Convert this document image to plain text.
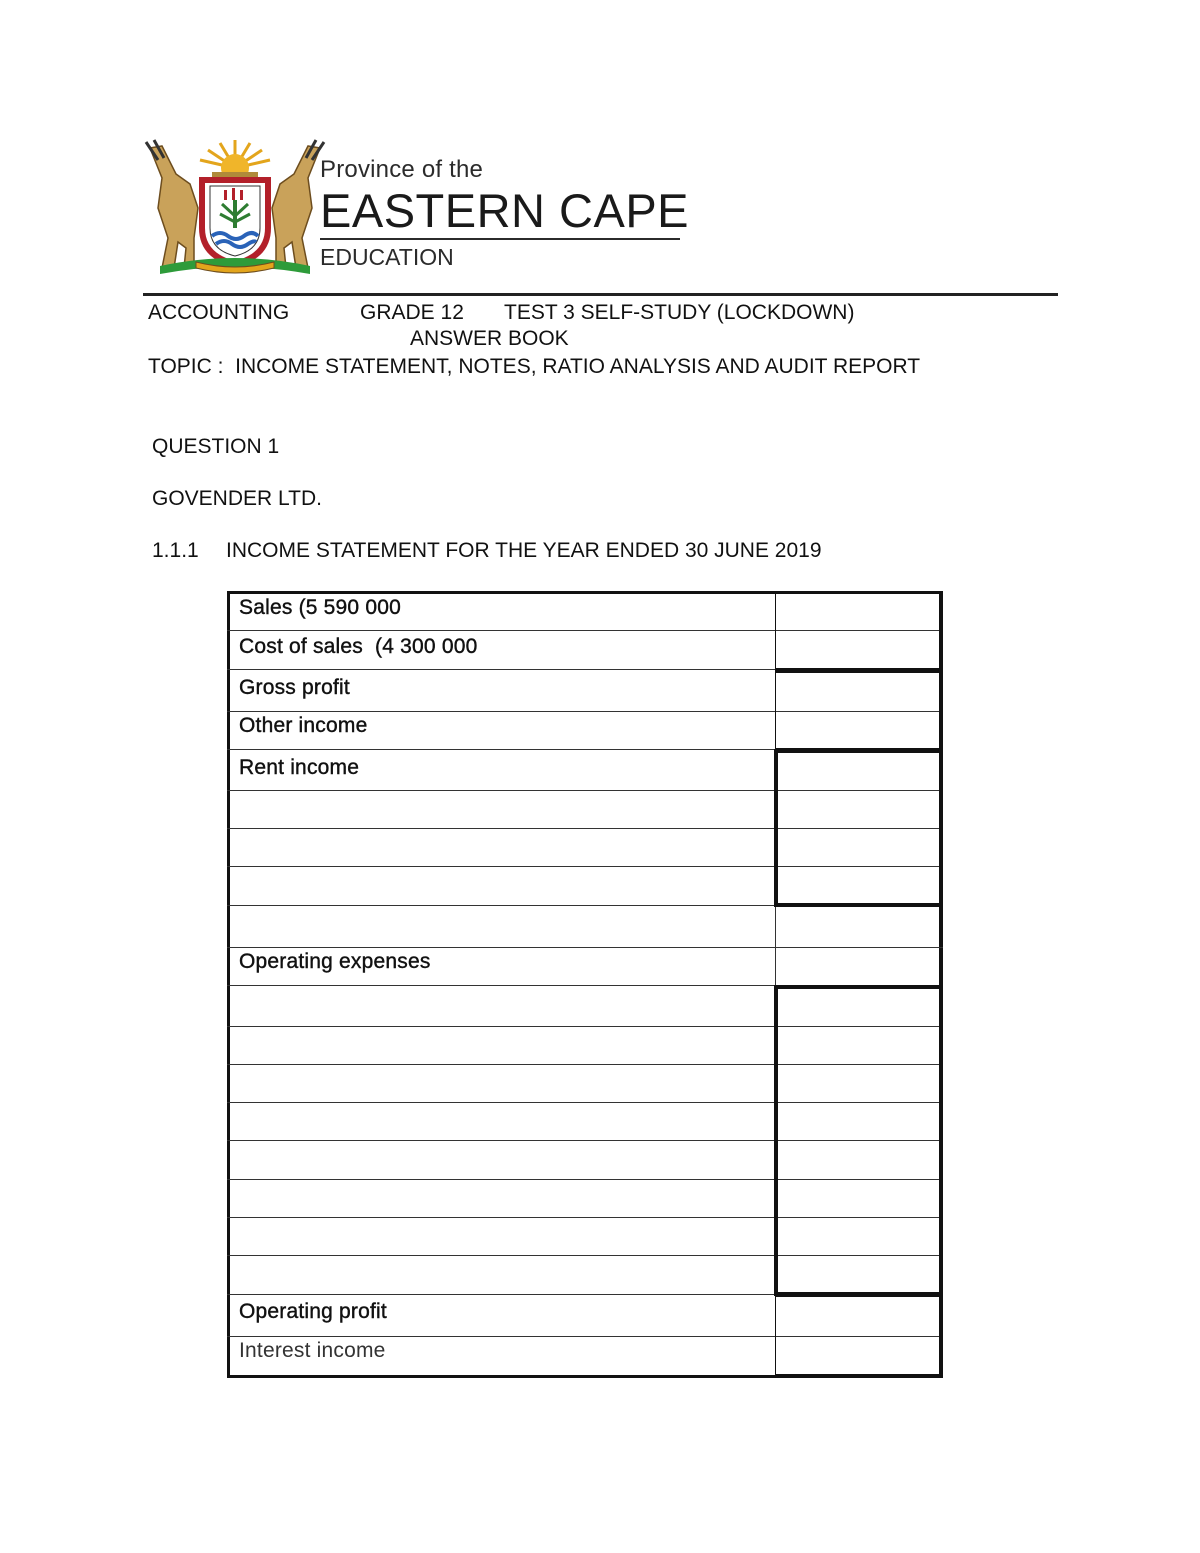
Province of the
EASTERN CAPE
EDUCATION
ACCOUNTING	GRADE 12 TEST 3 SELF-STUDY (LOCKDOWN)
ANSWER BOOK
TOPIC :  INCOME STATEMENT, NOTES, RATIO ANALYSIS AND AUDIT REPORT
QUESTION 1
GOVENDER LTD.
1.1.1 INCOME STATEMENT FOR THE YEAR ENDED 30 JUNE 2019
Sales (5 590 000
Cost of sales  (4 300 000
Gross profit
Other income
Rent income
Operating expenses
Operating profit
Interest income
